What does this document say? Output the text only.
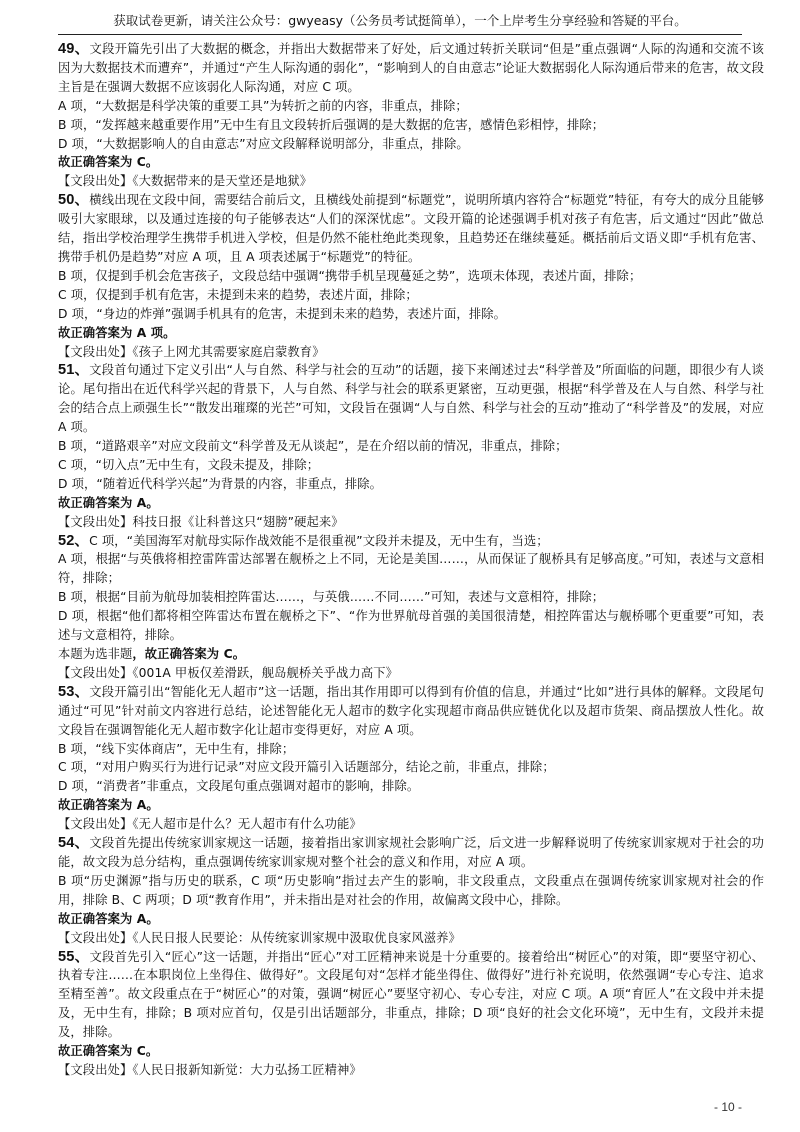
获取试卷更新，请关注公众号：gwyeasy（公务员考试挺简单），一个上岸考生分享经验和答疑的平台。

49、文段开篇先引出了大数据的概念，并指出大数据带来了好处，后文通过转折关联词“但是”重点强调“人际的沟通和交流不该因为大数据技术而遭弃”，并通过“产生人际沟通的弱化”，“影响到人的自由意志”论证大数据弱化人际沟通后带来的危害，故文段主旨是在强调大数据不应该弱化人际沟通，对应 C 项。

A 项，“大数据是科学决策的重要工具”为转折之前的内容，非重点，排除；

B 项，“发挥越来越重要作用”无中生有且文段转折后强调的是大数据的危害，感情色彩相悖，排除；

D 项，“大数据影响人的自由意志”对应文段解释说明部分，非重点，排除。

故正确答案为 C。

【文段出处】《大数据带来的是天堂还是地狱》

50、横线出现在文段中间，需要结合前后文，且横线处前提到“标题党”，说明所填内容符合“标题党”特征，有夸大的成分且能够吸引大家眼球，以及通过连接的句子能够表达“人们的深深忧虑”。文段开篇的论述强调手机对孩子有危害，后文通过“因此”做总结，指出学校治理学生携带手机进入学校，但是仍然不能杜绝此类现象，且趋势还在继续蔓延。概括前后文语义即“手机有危害、携带手机仍是趋势”对应 A 项，且 A 项表述属于“标题党”的特征。

B 项，仅提到手机会危害孩子，文段总结中强调“携带手机呈现蔓延之势”，选项未体现，表述片面，排除；

C 项，仅提到手机有危害，未提到未来的趋势，表述片面，排除；

D 项，“身边的炸弹”强调手机具有的危害，未提到未来的趋势，表述片面，排除。

故正确答案为 A 项。

【文段出处】《孩子上网尤其需要家庭启蒙教育》

51、文段首句通过下定义引出“人与自然、科学与社会的互动”的话题，接下来阐述过去“科学普及”所面临的问题，即很少有人谈论。尾句指出在近代科学兴起的背景下，人与自然、科学与社会的联系更紧密，互动更强，根据“科学普及在人与自然、科学与社会的结合点上顽强生长”“散发出璀璨的光芒”可知，文段旨在强调“人与自然、科学与社会的互动”推动了“科学普及”的发展，对应 A 项。

B 项，“道路艰辛”对应文段前文“科学普及无从谈起”，是在介绍以前的情况，非重点，排除；

C 项，“切入点”无中生有，文段未提及，排除；

D 项，“随着近代科学兴起”为背景的内容，非重点，排除。

故正确答案为 A。

【文段出处】科技日报《让科普这只“翅膀”硬起来》

52、C 项，“美国海军对航母实际作战效能不是很重视”文段并未提及，无中生有，当选；

A 项，根据“与英俄将相控雷阵雷达部署在舰桥之上不同，无论是美国……，从而保证了舰桥具有足够高度。”可知，表述与文意相符，排除；

B 项，根据“目前为航母加装相控阵雷达……，与英俄……不同……”可知，表述与文意相符，排除；

D 项，根据“他们都将相空阵雷达布置在舰桥之下”、“作为世界航母首强的美国很清楚，相控阵雷达与舰桥哪个更重要”可知，表述与文意相符，排除。

本题为选非题，故正确答案为 C。

【文段出处】《001A 甲板仅差滑跃，舰岛舰桥关乎战力高下》

53、文段开篇引出“智能化无人超市”这一话题，指出其作用即可以得到有价值的信息，并通过“比如”进行具体的解释。文段尾句通过“可见”针对前文内容进行总结，论述智能化无人超市的数字化实现超市商品供应链优化以及超市货架、商品摆放人性化。故文段旨在强调智能化无人超市数字化让超市变得更好，对应 A 项。

B 项，“线下实体商店”，无中生有，排除；

C 项，“对用户购买行为进行记录”对应文段开篇引入话题部分，结论之前，非重点，排除；

D 项，“消费者”非重点，文段尾句重点强调对超市的影响，排除。

故正确答案为 A。

【文段出处】《无人超市是什么？无人超市有什么功能》

54、文段首先提出传统家训家规这一话题，接着指出家训家规社会影响广泛，后文进一步解释说明了传统家训家规对于社会的功能，故文段为总分结构，重点强调传统家训家规对整个社会的意义和作用，对应 A 项。

B 项“历史渊源”指与历史的联系，C 项“历史影响”指过去产生的影响，非文段重点，文段重点在强调传统家训家规对社会的作用，排除 B、C 两项；D 项“教育作用”，并未指出是对社会的作用，故偏离文段中心，排除。

故正确答案为 A。

【文段出处】《人民日报人民要论：从传统家训家规中汲取优良家风滋养》

55、文段首先引入“匠心”这一话题，并指出“匠心”对工匠精神来说是十分重要的。接着给出“树匠心”的对策，即“要坚守初心、执着专注……在本职岗位上坐得住、做得好”。文段尾句对“怎样才能坐得住、做得好”进行补充说明，依然强调“专心专注、追求至精至善”。故文段重点在于“树匠心”的对策，强调“树匠心”要坚守初心、专心专注，对应 C 项。A 项“育匠人”在文段中并未提及，无中生有，排除；B 项对应首句，仅是引出话题部分，非重点，排除；D 项“良好的社会文化环境”，无中生有，文段并未提及，排除。

故正确答案为 C。

【文段出处】《人民日报新知新觉：大力弘扬工匠精神》

- 10 -
